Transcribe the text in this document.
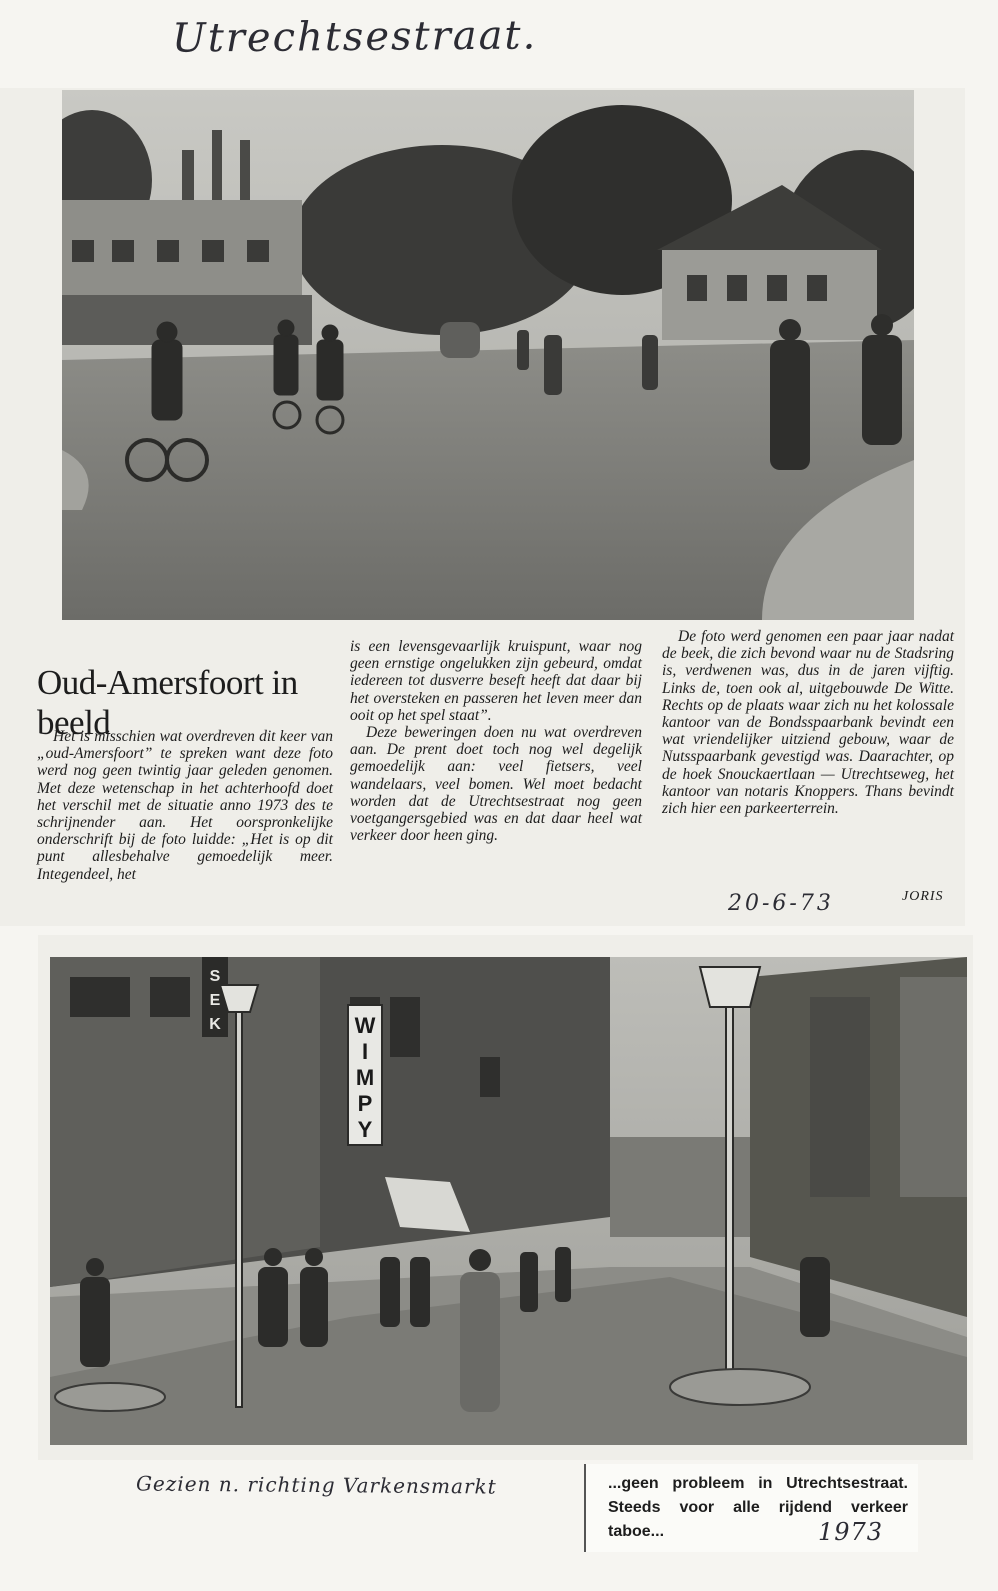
Utrechtsestraat.
Oud-Amersfoort in beeld

Het is misschien wat overdreven dit keer van „oud-Amersfoort” te spreken want deze foto werd nog geen twintig jaar geleden genomen. Met deze wetenschap in het achterhoofd doet het verschil met de situatie anno 1973 des te schrijnender aan. Het oorspronkelijke onderschrift bij de foto luidde: „Het is op dit punt allesbehalve gemoedelijk meer. Integendeel, het

is een levensgevaarlijk kruispunt, waar nog geen ernstige ongelukken zijn gebeurd, omdat iedereen tot dusverre beseft heeft dat daar bij het oversteken en passeren het leven meer dan ooit op het spel staat”.

Deze beweringen doen nu wat overdreven aan. De prent doet toch nog wel degelijk gemoedelijk aan: veel fietsers, veel wandelaars, veel bomen. Wel moet bedacht worden dat de Utrechtsestraat nog geen voetgangersgebied was en dat daar heel wat verkeer door heen ging.

De foto werd genomen een paar jaar nadat de beek, die zich bevond waar nu de Stadsring is, verdwenen was, dus in de jaren vijftig. Links de, toen ook al, uitgebouwde De Witte. Rechts op de plaats waar zich nu het kolossale kantoor van de Bondsspaarbank bevindt een wat vriendelijker uitziend gebouw, waar de Nutsspaarbank gevestigd was. Daarachter, op de hoek Snouckaertlaan — Utrechtseweg, het kantoor van notaris Knoppers. Thans bevindt zich hier een parkeerterrein.

20-6-73	JORIS
W I M P Y
S E K
Gezien n. richting Varkensmarkt	...geen probleem in Utrechtsestraat. Steeds voor alle rijdend verkeer taboe...	1973
